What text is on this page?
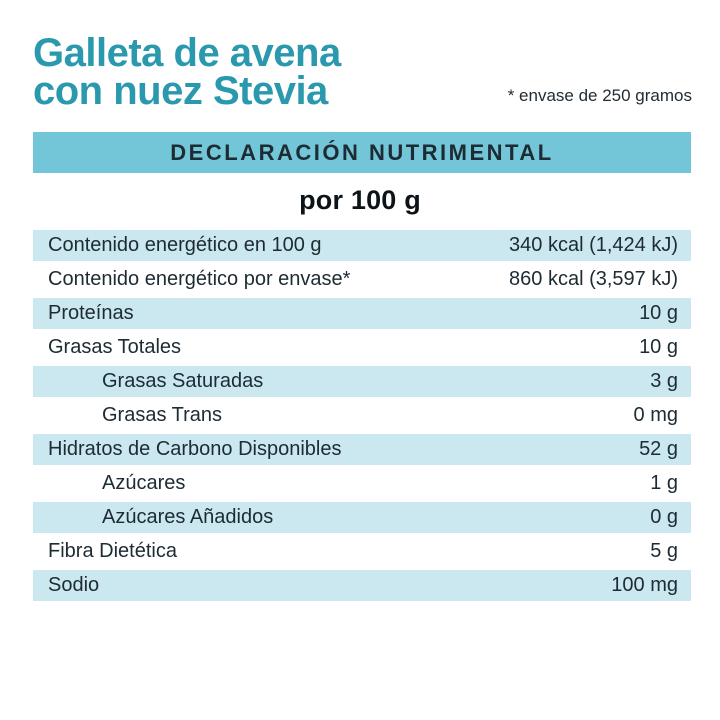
Galleta de avena
con nuez Stevia	* envase de 250 gramos
DECLARACIÓN NUTRIMENTAL
por 100 g
Contenido energético en 100 g	340 kcal (1,424 kJ)
Contenido energético por envase*	860 kcal (3,597 kJ)
Proteínas	10 g
Grasas Totales	10 g
Grasas Saturadas	3 g
Grasas Trans	0 mg
Hidratos de Carbono Disponibles	52 g
Azúcares	1 g
Azúcares Añadidos	0 g
Fibra Dietética	5 g
Sodio	100 mg
